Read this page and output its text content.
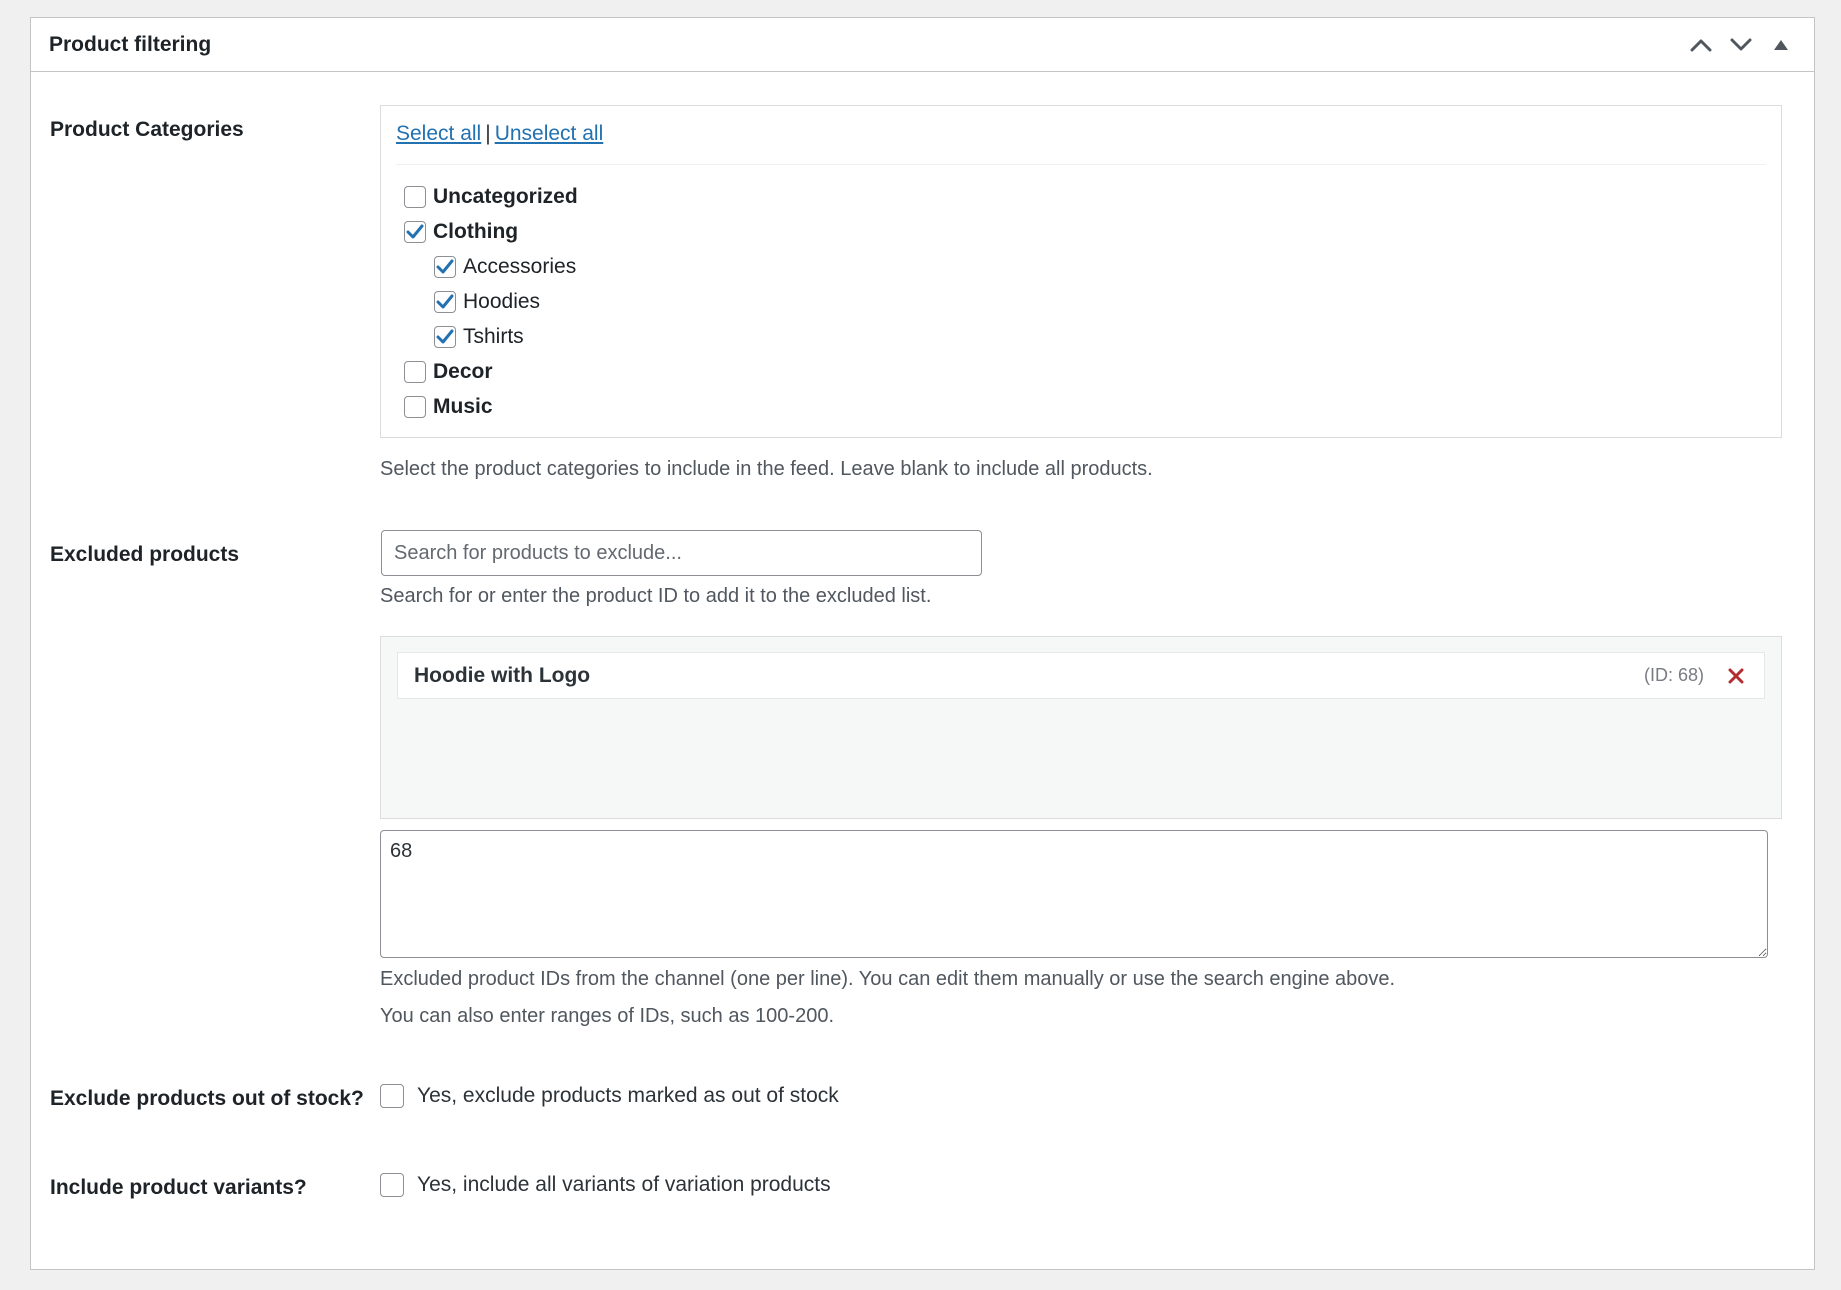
Product filtering
Product Categories	Select all | Unselect all
Uncategorized
Clothing
Accessories
Hoodies
Tshirts
Decor
Music
Select the product categories to include in the feed. Leave blank to include all products.
Excluded products
Search for products to exclude...
Search for or enter the product ID to add it to the excluded list.
Hoodie with Logo	(ID: 68)
68
Excluded product IDs from the channel (one per line). You can edit them manually or use the search engine above.
You can also enter ranges of IDs, such as 100-200.
Exclude products out of stock?	Yes, exclude products marked as out of stock
Include product variants?	Yes, include all variants of variation products
